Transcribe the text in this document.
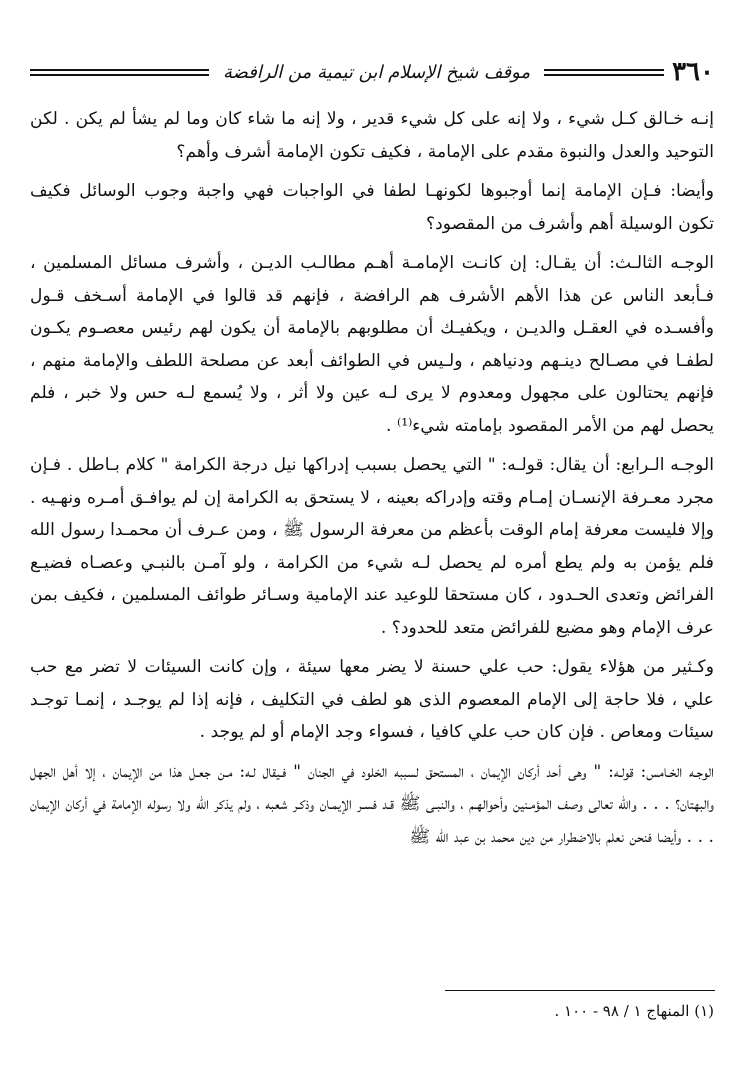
٣٦٠
موقف شيخ الإسلام ابن تيمية من الرافضة

إنـه خـالق كـل شيء ، ولا إنه على كل شيء قدير ، ولا إنه ما شاء كان وما لم يشأ لم يكن . لكن التوحيد والعدل والنبوة مقدم على الإمامة ، فكيف تكون الإمامة أشرف وأهم؟

وأيضا: فـإن الإمامة إنما أوجبوها لكونهـا لطفا في الواجبات فهي واجبة وجوب الوسائل فكيف تكون الوسيلة أهم وأشرف من المقصود؟

الوجـه الثالـث: أن يقـال: إن كانـت الإمامـة أهـم مطالـب الديـن ، وأشرف مسائل المسلمين ، فـأبعد الناس عن هذا الأهم الأشرف هم الرافضة ، فإنهم قد قالوا في الإمامة أسـخف قـول وأفسـده في العقـل والديـن ، ويكفيـك أن مطلوبهم بالإمامة أن يكون لهم رئيس معصـوم يكـون لطفـا في مصـالح دينـهم ودنياهم ، ولـيس في الطوائف أبعد عن مصلحة اللطف والإمامة منهم ، فإنهم يحتالون على مجهول ومعدوم لا يرى لـه عين ولا أثر ، ولا يُسمع لـه حس ولا خبر ، فلم يحصل لهم من الأمر المقصود بإمامته شيء⁽¹⁾ .

الوجـه الـرابع: أن يقال: قولـه: " التي يحصل بسبب إدراكها نيل درجة الكرامة " كلام بـاطل . فـإن مجرد معـرفة الإنسـان إمـام وقته وإدراكه بعينه ، لا يستحق به الكرامة إن لم يوافـق أمـره ونهـيه . وإلا فليست معرفة إمام الوقت بأعظم من معرفة الرسول ﷺ ، ومن عـرف أن محمـدا رسول الله فلم يؤمن به ولم يطع أمره لم يحصل لـه شيء من الكرامة ، ولو آمـن بالنبـي وعصـاه فضيـع الفرائض وتعدى الحـدود ، كان مستحقا للوعيد عند الإمامية وسـائر طوائف المسلمين ، فكيف بمن عرف الإمام وهو مضيع للفرائض متعد للحدود؟ .

وكـثير من هؤلاء يقول: حب علي حسنة لا يضر معها سيئة ، وإن كانت السيئات لا تضر مع حب علي ، فلا حاجة إلى الإمام المعصوم الذى هو لطف في التكليف ، فإنه إذا لم يوجـد ، إنمـا توجـد سيئات ومعاص . فإن كان حب علي كافيا ، فسواء وجد الإمام أو لم يوجد .

الوجـه الخـامس: قولـه: " وهى أحد أركان الإيمان ، المستحق لسببه الخلود في الجنان " فـيقال لـه: مـن جعـل هذا من الإيمان ، إلا أهل الجهل والبهتان؟ . . . والله تعالى وصف المؤمـنين وأحوالهـم ، والنبـى ﷺ قـد فسـر الإيمـان وذكـر شعبه ، ولم يذكر الله ولا رسوله الإمامة في أركان الإيمان . . . وأيضا فنحن نعلم بالاضطرار من دين محمد بن عبد الله ﷺ

(١) المنهاج ١ / ٩٨ - ١٠٠ .
